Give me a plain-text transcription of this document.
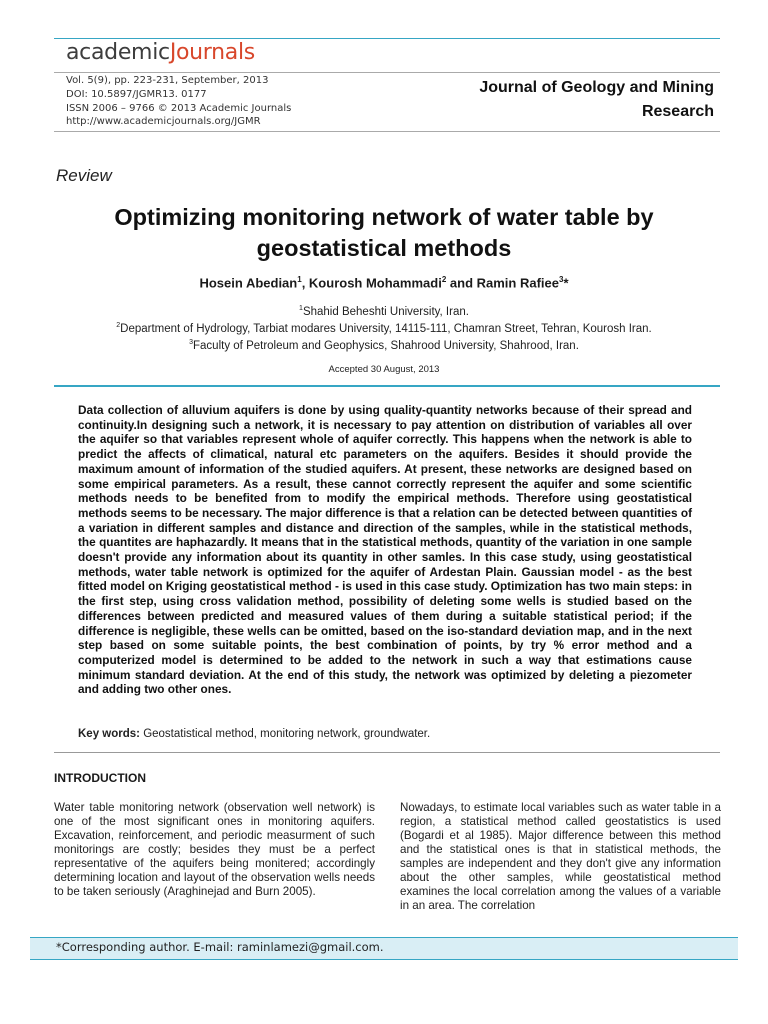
academicJournals
Vol. 5(9), pp. 223-231, September, 2013
DOI: 10.5897/JGMR13. 0177
ISSN 2006 – 9766 © 2013 Academic Journals
http://www.academicjournals.org/JGMR
Journal of Geology and Mining
Research
Review
Optimizing monitoring network of water table by
geostatistical methods
Hosein Abedian$^1$, Kourosh Mohammadi$^2$ and Ramin Rafiee$^3$*
$^1$Shahid Beheshti University, Iran.
$^2$Department of Hydrology, Tarbiat modares University, 14115-111, Chamran Street, Tehran, Kourosh Iran.
$^3$Faculty of Petroleum and Geophysics, Shahrood University, Shahrood, Iran.
Accepted 30 August, 2013
Data collection of alluvium aquifers is done by using quality-quantity networks because of their spread and continuity.In designing such a network, it is necessary to pay attention on distribution of variables all over the aquifer so that variables represent whole of aquifer correctly. This happens when the network is able to predict the affects of climatical, natural etc parameters on the aquifers. Besides it should provide the maximum amount of information of the studied aquifers. At present, these networks are designed based on some empirical parameters. As a result, these cannot correctly represent the aquifer and some scientific methods needs to be benefited from to modify the empirical methods. Therefore using geostatistical methods seems to be necessary. The major difference is that a relation can be detected between quantities of a variation in different samples and distance and direction of the samples, while in the statistical methods, the quantites are haphazardly. It means that in the statistical methods, quantity of the variation in one sample doesn't provide any information about its quantity in other samles. In this case study, using geostatistical methods, water table network is optimized for the aquifer of Ardestan Plain. Gaussian model - as the best fitted model on Kriging geostatistical method - is used in this case study. Optimization has two main steps: in the first step, using cross validation method, possibility of deleting some wells is studied based on the differences between predicted and measured values of them during a suitable statistical period; if the difference is negligible, these wells can be omitted, based on the iso-standard deviation map, and in the next step based on some suitable points, the best combination of points, by try % error method and a computerized model is determined to be added to the network in such a way that estimations cause minimum standard deviation. At the end of this study, the network was optimized by deleting a piezometer and adding two other ones.
Key words: Geostatistical method, monitoring network, groundwater.
INTRODUCTION
Water table monitoring network (observation well network) is one of the most significant ones in monitoring aquifers. Excavation, reinforcement, and periodic measurment of such monitorings are costly; besides they must be a perfect representative of the aquifers being monitered; accordingly determining location and layout of the observation wells needs to be taken seriously (Araghinejad and Burn 2005).
Nowadays, to estimate local variables such as water table in a region, a statistical method called geostatistics is used (Bogardi et al 1985). Major difference between this method and the statistical ones is that in statistical methods, the samples are independent and they don't give any information about the other samples, while geostatistical method examines the local correlation among the values of a variable in an area. The correlation
*Corresponding author. E-mail: raminlamezi@gmail.com.
